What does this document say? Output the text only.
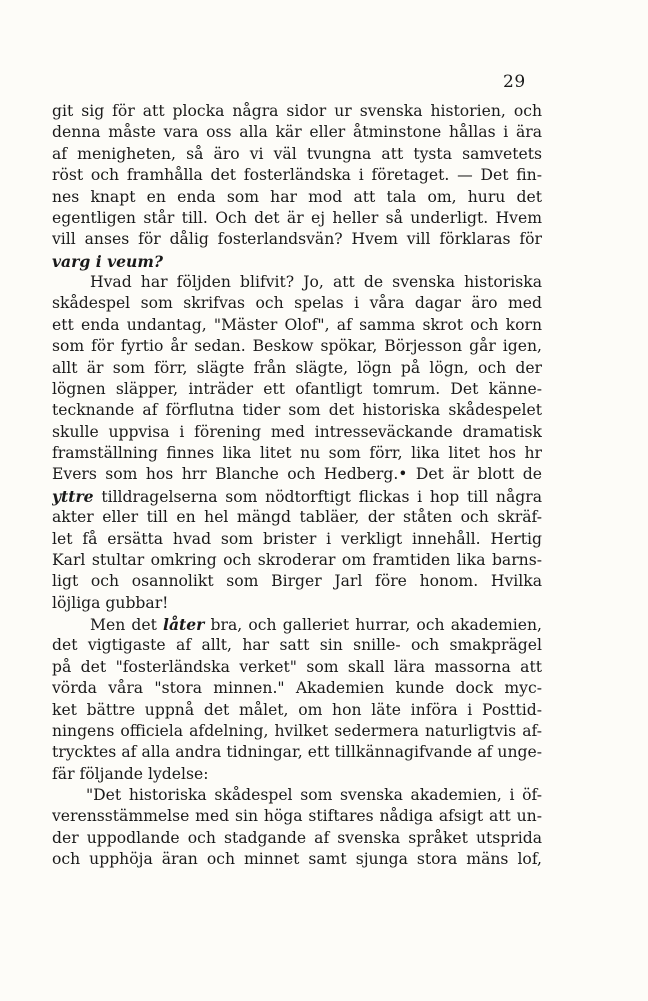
29
git sig för att plocka några sidor ur svenska historien, och
denna måste vara oss alla kär eller åtminstone hållas i ära
af menigheten, så äro vi väl tvungna att tysta samvetets
röst och framhålla det fosterländska i företaget. — Det fin-
nes knapt en enda som har mod att tala om, huru det
egentligen står till. Och det är ej heller så underligt. Hvem
vill anses för dålig fosterlandsvän? Hvem vill förklaras för
varg i veum?
Hvad har följden blifvit? Jo, att de svenska historiska
skådespel som skrifvas och spelas i våra dagar äro med
ett enda undantag, "Mäster Olof", af samma skrot och korn
som för fyrtio år sedan. Beskow spökar, Börjesson går igen,
allt är som förr, slägte från slägte, lögn på lögn, och der
lögnen släpper, inträder ett ofantligt tomrum. Det känne-
tecknande af förflutna tider som det historiska skådespelet
skulle uppvisa i förening med intresseväckande dramatisk
framställning finnes lika litet nu som förr, lika litet hos hr
Evers som hos hrr Blanche och Hedberg.• Det är blott de
yttre tilldragelserna som nödtorftigt flickas i hop till några
akter eller till en hel mängd tabläer, der ståten och skräf-
let få ersätta hvad som brister i verkligt innehåll. Hertig
Karl stultar omkring och skroderar om framtiden lika barns-
ligt och osannolikt som Birger Jarl före honom. Hvilka
löjliga gubbar!
Men det låter bra, och galleriet hurrar, och akademien,
det vigtigaste af allt, har satt sin snille- och smakprägel
på det "fosterländska verket" som skall lära massorna att
vörda våra "stora minnen." Akademien kunde dock myc-
ket bättre uppnå det målet, om hon läte införa i Posttid-
ningens officiela afdelning, hvilket sedermera naturligtvis af-
trycktes af alla andra tidningar, ett tillkännagifvande af unge-
fär följande lydelse:
"Det historiska skådespel som svenska akademien, i öf-
verensstämmelse med sin höga stiftares nådiga afsigt att un-
der uppodlande och stadgande af svenska språket utsprida
och upphöja äran och minnet samt sjunga stora mäns lof,
